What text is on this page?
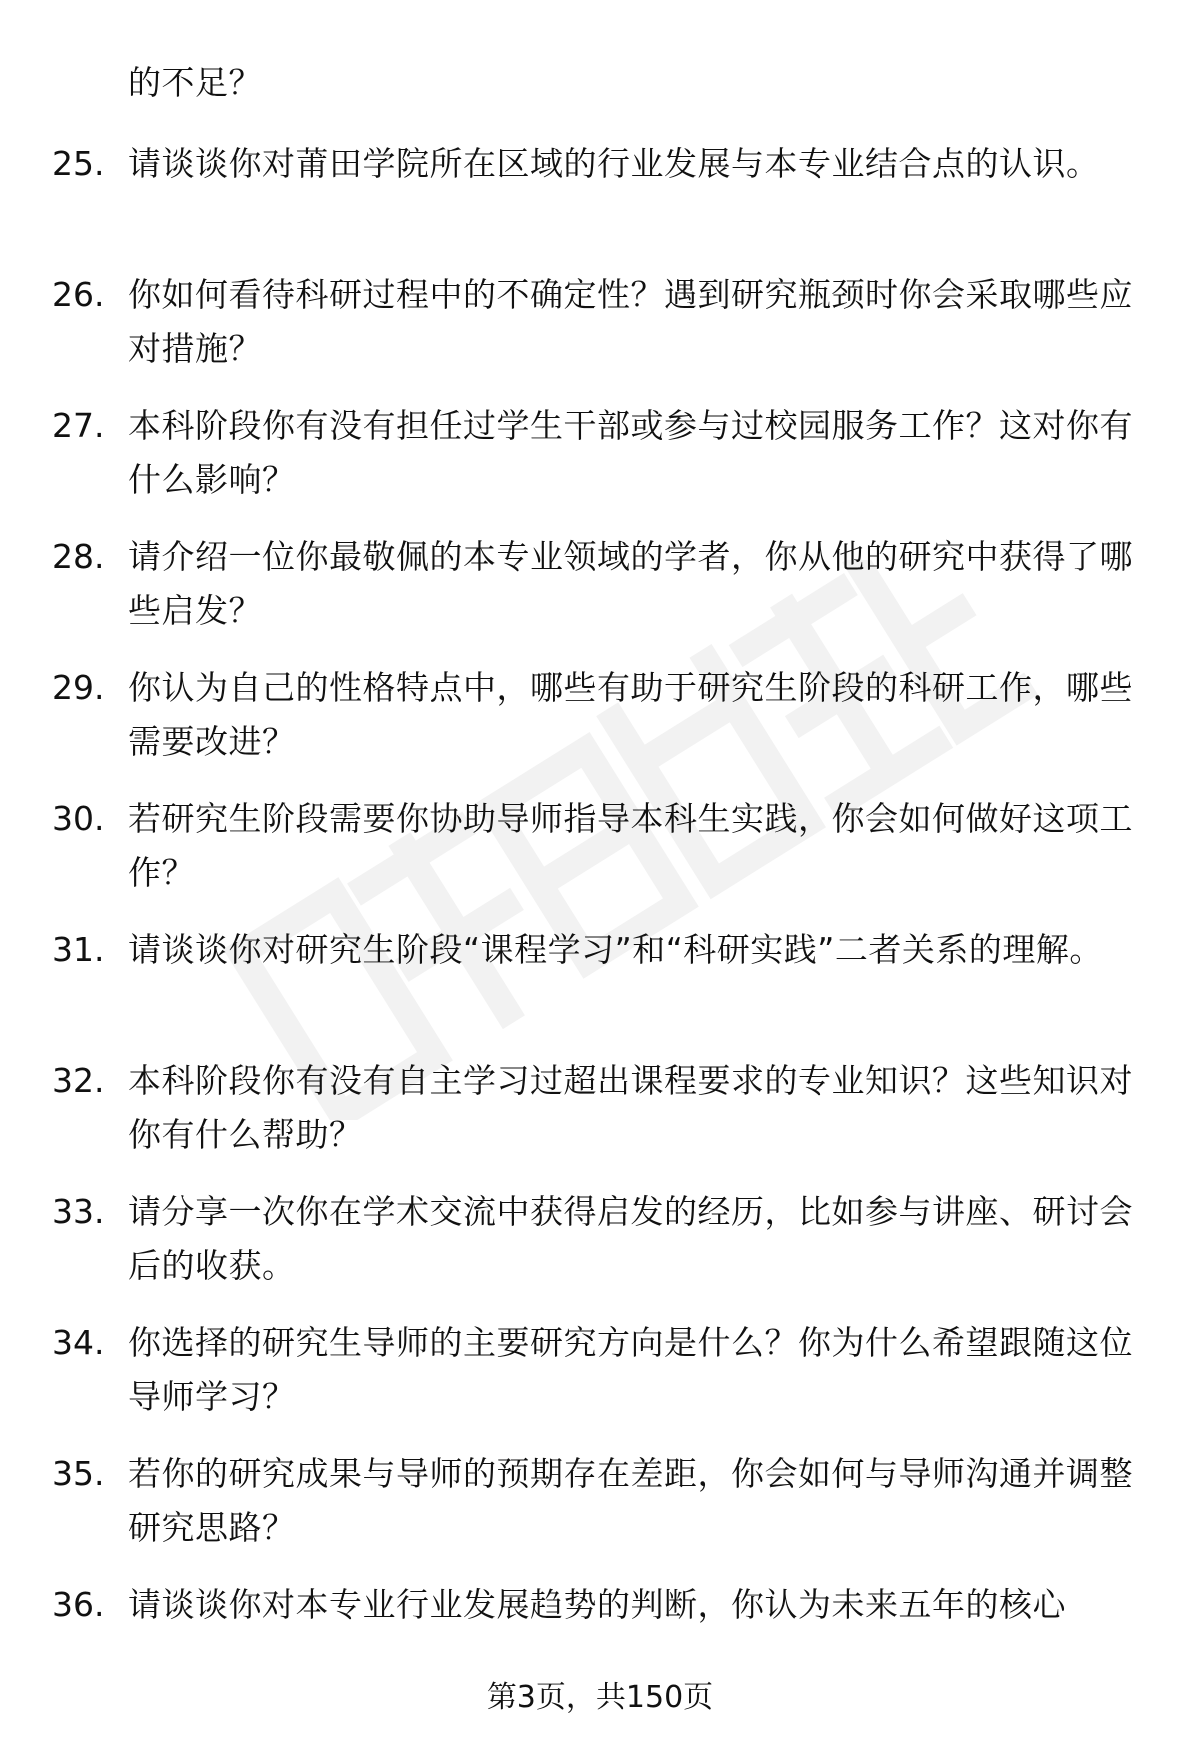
的不足？
25. 请谈谈你对莆田学院所在区域的行业发展与本专业结合点的认识。
26. 你如何看待科研过程中的不确定性？遇到研究瓶颈时你会采取哪些应对措施？
27. 本科阶段你有没有担任过学生干部或参与过校园服务工作？这对你有什么影响？
28. 请介绍一位你最敬佩的本专业领域的学者，你从他的研究中获得了哪些启发？
29. 你认为自己的性格特点中，哪些有助于研究生阶段的科研工作，哪些需要改进？
30. 若研究生阶段需要你协助导师指导本科生实践，你会如何做好这项工作？
31. 请谈谈你对研究生阶段“课程学习”和“科研实践”二者关系的理解。
32. 本科阶段你有没有自主学习过超出课程要求的专业知识？这些知识对你有什么帮助？
33. 请分享一次你在学术交流中获得启发的经历，比如参与讲座、研讨会后的收获。
34. 你选择的研究生导师的主要研究方向是什么？你为什么希望跟随这位导师学习？
35. 若你的研究成果与导师的预期存在差距，你会如何与导师沟通并调整研究思路？
36. 请谈谈你对本专业行业发展趋势的判断，你认为未来五年的核心
第3页，共150页
